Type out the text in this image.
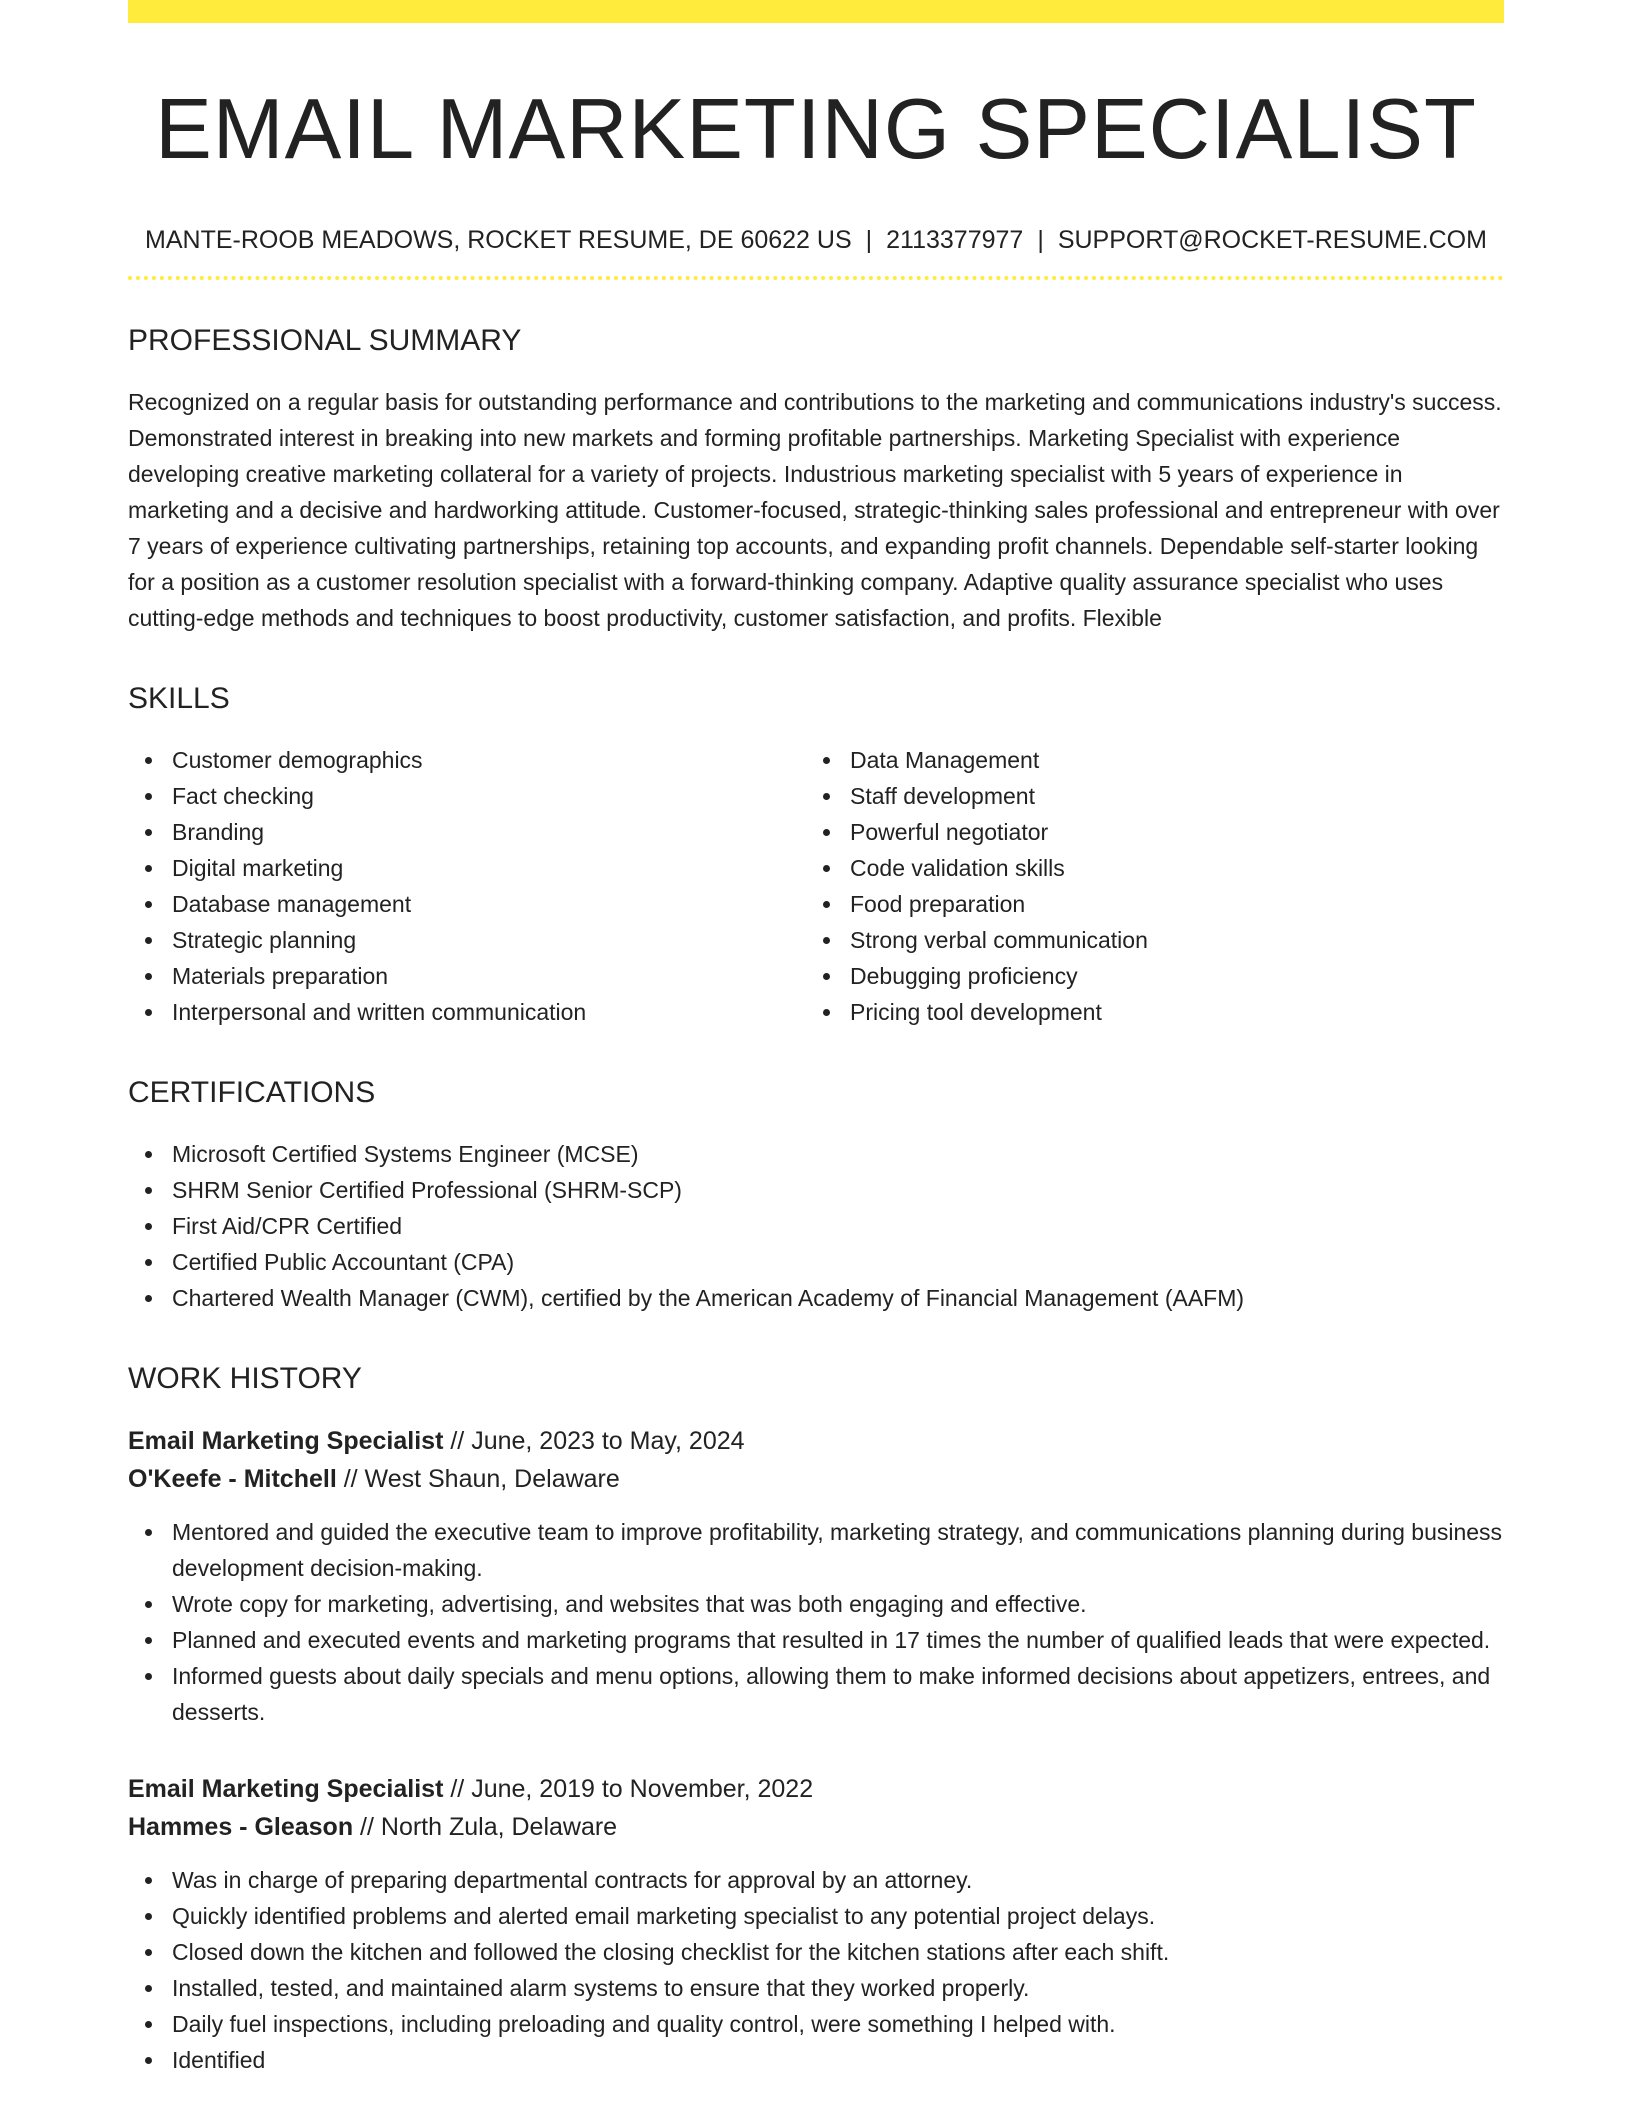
EMAIL MARKETING SPECIALIST
MANTE-ROOB MEADOWS, ROCKET RESUME, DE 60622 US | 2113377977 | SUPPORT@ROCKET-RESUME.COM
PROFESSIONAL SUMMARY

Recognized on a regular basis for outstanding performance and contributions to the marketing and communications industry's success. Demonstrated interest in breaking into new markets and forming profitable partnerships. Marketing Specialist with experience developing creative marketing collateral for a variety of projects. Industrious marketing specialist with 5 years of experience in marketing and a decisive and hardworking attitude. Customer-focused, strategic-thinking sales professional and entrepreneur with over 7 years of experience cultivating partnerships, retaining top accounts, and expanding profit channels. Dependable self-starter looking for a position as a customer resolution specialist with a forward-thinking company. Adaptive quality assurance specialist who uses cutting-edge methods and techniques to boost productivity, customer satisfaction, and profits. Flexible

SKILLS
Customer demographics
Fact checking
Branding
Digital marketing
Database management
Strategic planning
Materials preparation
Interpersonal and written communication
Data Management
Staff development
Powerful negotiator
Code validation skills
Food preparation
Strong verbal communication
Debugging proficiency
Pricing tool development
CERTIFICATIONS
Microsoft Certified Systems Engineer (MCSE)
SHRM Senior Certified Professional (SHRM-SCP)
First Aid/CPR Certified
Certified Public Accountant (CPA)
Chartered Wealth Manager (CWM), certified by the American Academy of Financial Management (AAFM)
WORK HISTORY
Email Marketing Specialist // June, 2023 to May, 2024
O'Keefe - Mitchell // West Shaun, Delaware
Mentored and guided the executive team to improve profitability, marketing strategy, and communications planning during business development decision-making.
Wrote copy for marketing, advertising, and websites that was both engaging and effective.
Planned and executed events and marketing programs that resulted in 17 times the number of qualified leads that were expected.
Informed guests about daily specials and menu options, allowing them to make informed decisions about appetizers, entrees, and desserts.
Email Marketing Specialist // June, 2019 to November, 2022
Hammes - Gleason // North Zula, Delaware
Was in charge of preparing departmental contracts for approval by an attorney.
Quickly identified problems and alerted email marketing specialist to any potential project delays.
Closed down the kitchen and followed the closing checklist for the kitchen stations after each shift.
Installed, tested, and maintained alarm systems to ensure that they worked properly.
Daily fuel inspections, including preloading and quality control, were something I helped with.
Identified
